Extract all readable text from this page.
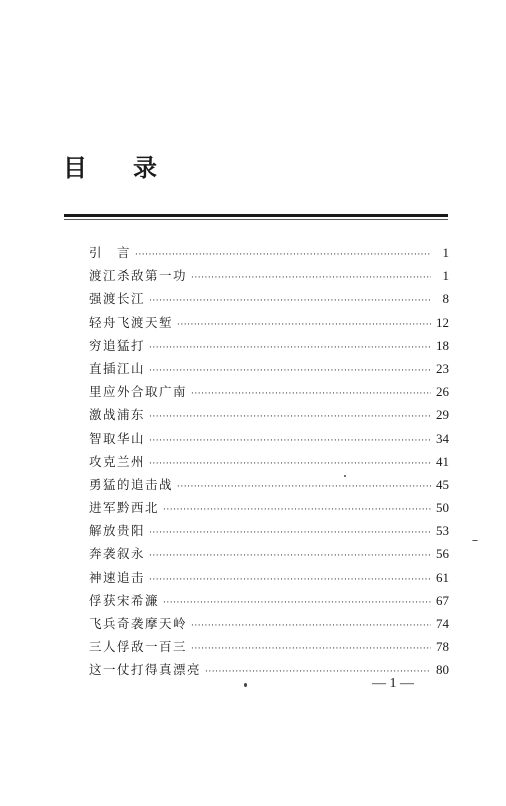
目 录
引　言 ·····	1
渡江杀敌第一功 ·····	1
强渡长江 ·····	8
轻舟飞渡天堑 ·····	12
穷追猛打 ·····	18
直插江山 ·····	23
里应外合取广南 ·····	26
激战浦东 ·····	29
智取华山 ·····	34
攻克兰州 ·····	41
勇猛的追击战 ·····	45
进军黔西北 ·····	50
解放贵阳 ·····	53
奔袭叙永 ·····	56
神速追击 ·····	61
俘获宋希濂 ·····	67
飞兵奇袭摩天岭 ·····	74
三人俘敌一百三 ·····	78
这一仗打得真漂亮 ·····	80
— 1 —
